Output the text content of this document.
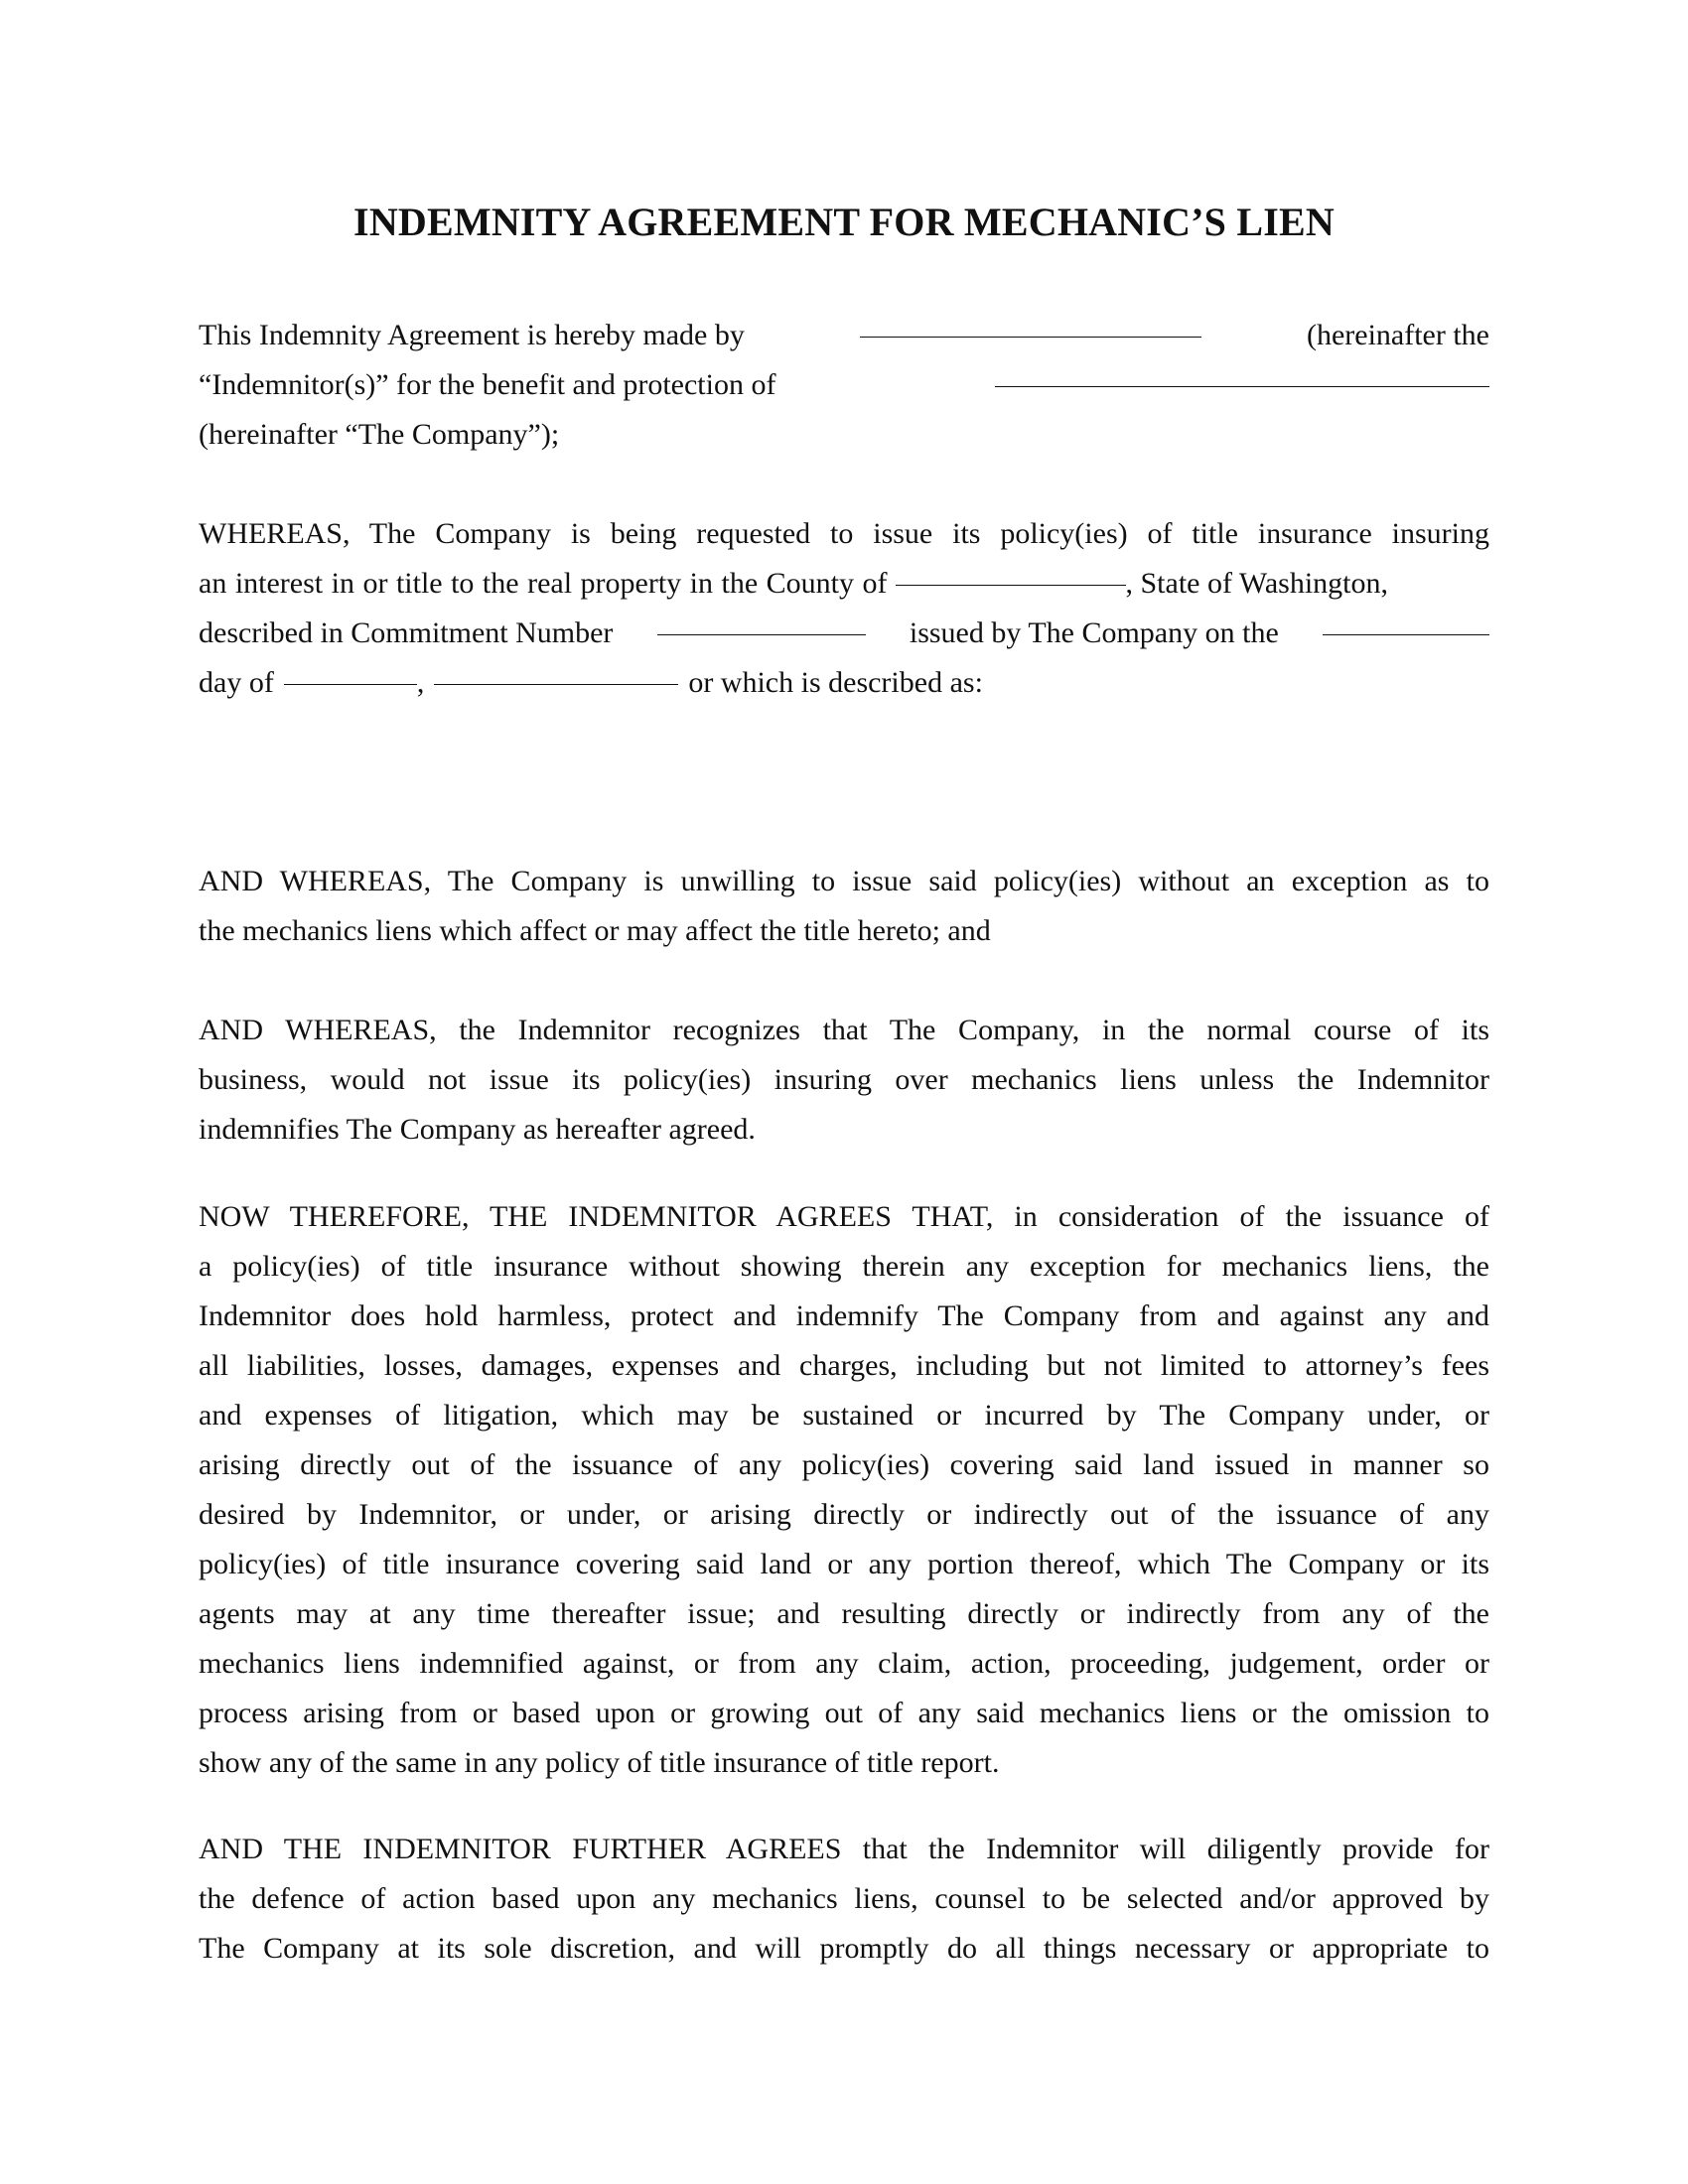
INDEMNITY AGREEMENT FOR MECHANIC’S LIEN
This Indemnity Agreement is hereby made by	(hereinafter the
“Indemnitor(s)” for the benefit and protection of
(hereinafter “The Company”);
WHEREAS, The Company is being requested to issue its policy(ies) of title insurance insuring
an interest in or title to the real property in the County of	, State of Washington,
described in Commitment Number	issued by The Company on the
day of	,	or which is described as:
AND WHEREAS, The Company is unwilling to issue said policy(ies) without an exception as to
the mechanics liens which affect or may affect the title hereto; and
AND WHEREAS, the Indemnitor recognizes that The Company, in the normal course of its
business, would not issue its policy(ies) insuring over mechanics liens unless the Indemnitor
indemnifies The Company as hereafter agreed.
NOW THEREFORE, THE INDEMNITOR AGREES THAT, in consideration of the issuance of
a policy(ies) of title insurance without showing therein any exception for mechanics liens, the
Indemnitor does hold harmless, protect and indemnify The Company from and against any and
all liabilities, losses, damages, expenses and charges, including but not limited to attorney’s fees
and expenses of litigation, which may be sustained or incurred by The Company under, or
arising directly out of the issuance of any policy(ies) covering said land issued in manner so
desired by Indemnitor, or under, or arising directly or indirectly out of the issuance of any
policy(ies) of title insurance covering said land or any portion thereof, which The Company or its
agents may at any time thereafter issue; and resulting directly or indirectly from any of the
mechanics liens indemnified against, or from any claim, action, proceeding, judgement, order or
process arising from or based upon or growing out of any said mechanics liens or the omission to
show any of the same in any policy of title insurance of title report.
AND THE INDEMNITOR FURTHER AGREES that the Indemnitor will diligently provide for
the defence of action based upon any mechanics liens, counsel to be selected and/or approved by
The Company at its sole discretion, and will promptly do all things necessary or appropriate to
